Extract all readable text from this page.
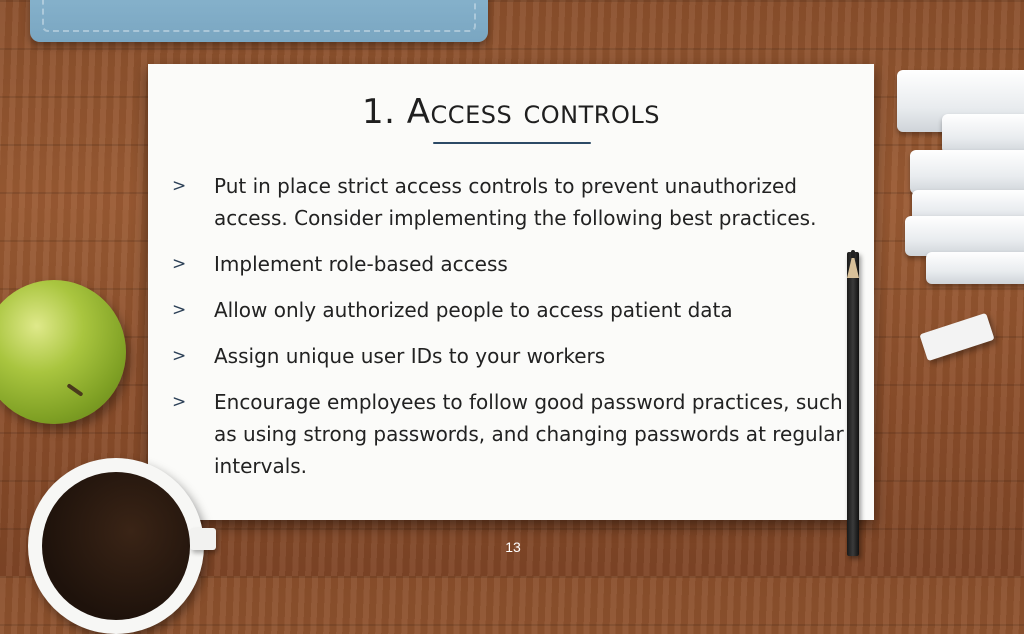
1. Access controls
>	Put in place strict access controls to prevent unauthorized access. Consider implementing the following best practices.
>	Implement role-based access
>	Allow only authorized people to access patient data
>	Assign unique user IDs to your workers
>	Encourage employees to follow good password practices, such as using strong passwords, and changing passwords at regular intervals.
13
